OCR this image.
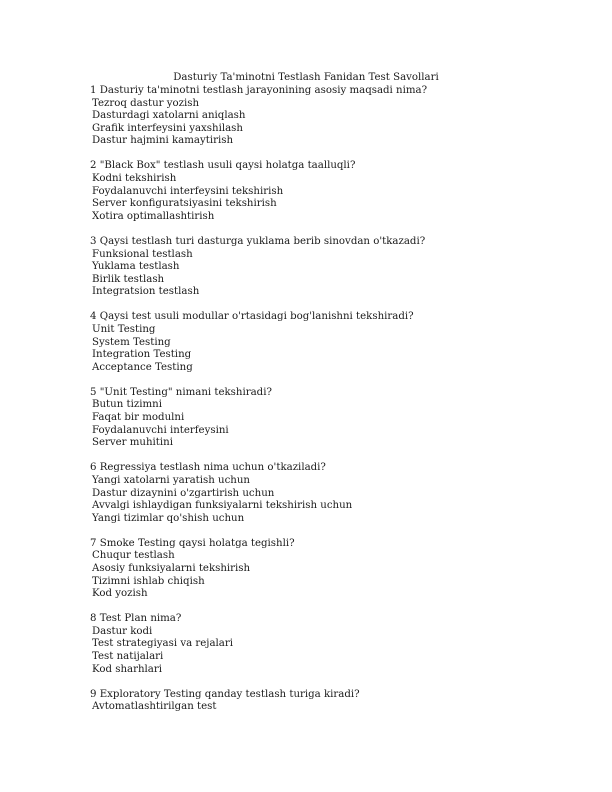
Dasturiy Ta'minotni Testlash Fanidan Test Savollari
1 Dasturiy ta'minotni testlash jarayonining asosiy maqsadi nima?
Tezroq dastur yozish
Dasturdagi xatolarni aniqlash
Grafik interfeysini yaxshilash
Dastur hajmini kamaytirish
2 "Black Box" testlash usuli qaysi holatga taalluqli?
Kodni tekshirish
Foydalanuvchi interfeysini tekshirish
Server konfiguratsiyasini tekshirish
Xotira optimallashtirish
3 Qaysi testlash turi dasturga yuklama berib sinovdan o'tkazadi?
Funksional testlash
Yuklama testlash
Birlik testlash
Integratsion testlash
4 Qaysi test usuli modullar o'rtasidagi bog'lanishni tekshiradi?
Unit Testing
System Testing
Integration Testing
Acceptance Testing
5 "Unit Testing" nimani tekshiradi?
Butun tizimni
Faqat bir modulni
Foydalanuvchi interfeysini
Server muhitini
6 Regressiya testlash nima uchun o'tkaziladi?
Yangi xatolarni yaratish uchun
Dastur dizaynini o'zgartirish uchun
Avvalgi ishlaydigan funksiyalarni tekshirish uchun
Yangi tizimlar qo'shish uchun
7 Smoke Testing qaysi holatga tegishli?
Chuqur testlash
Asosiy funksiyalarni tekshirish
Tizimni ishlab chiqish
Kod yozish
8 Test Plan nima?
Dastur kodi
Test strategiyasi va rejalari
Test natijalari
Kod sharhlari
9 Exploratory Testing qanday testlash turiga kiradi?
Avtomatlashtirilgan test
